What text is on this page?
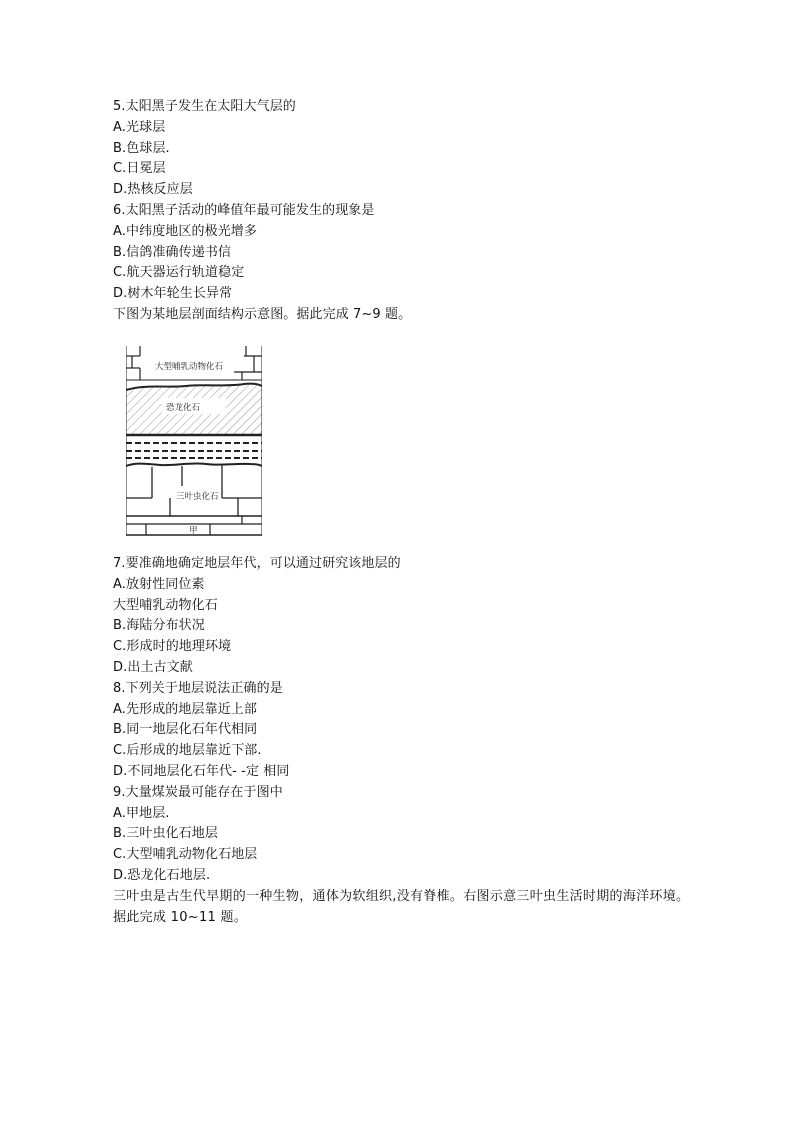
5.太阳黑子发生在太阳大气层的
A.光球层
B.色球层.
C.日冕层
D.热核反应层
6.太阳黑子活动的峰值年最可能发生的现象是
A.中纬度地区的极光增多
B.信鸽准确传递书信
C.航天器运行轨道稳定
D.树木年轮生长异常
下图为某地层剖面结构示意图。据此完成 7~9 题。
大型哺乳动物化石
恐龙化石
三叶虫化石
甲
7.要准确地确定地层年代，可以通过研究该地层的
A.放射性同位素
大型哺乳动物化石
B.海陆分布状况
C.形成时的地理环境
D.出土古文献
8.下列关于地层说法正确的是
A.先形成的地层靠近上部
B.同一地层化石年代相同
C.后形成的地层靠近下部.
D.不同地层化石年代- -定 相同
9.大量煤炭最可能存在于图中
A.甲地层.
B.三叶虫化石地层
C.大型哺乳动物化石地层
D.恐龙化石地层.
三叶虫是古生代早期的一种生物，通体为软组织,没有脊椎。右图示意三叶虫生活时期的海洋环境。据此完成 10~11 题。
